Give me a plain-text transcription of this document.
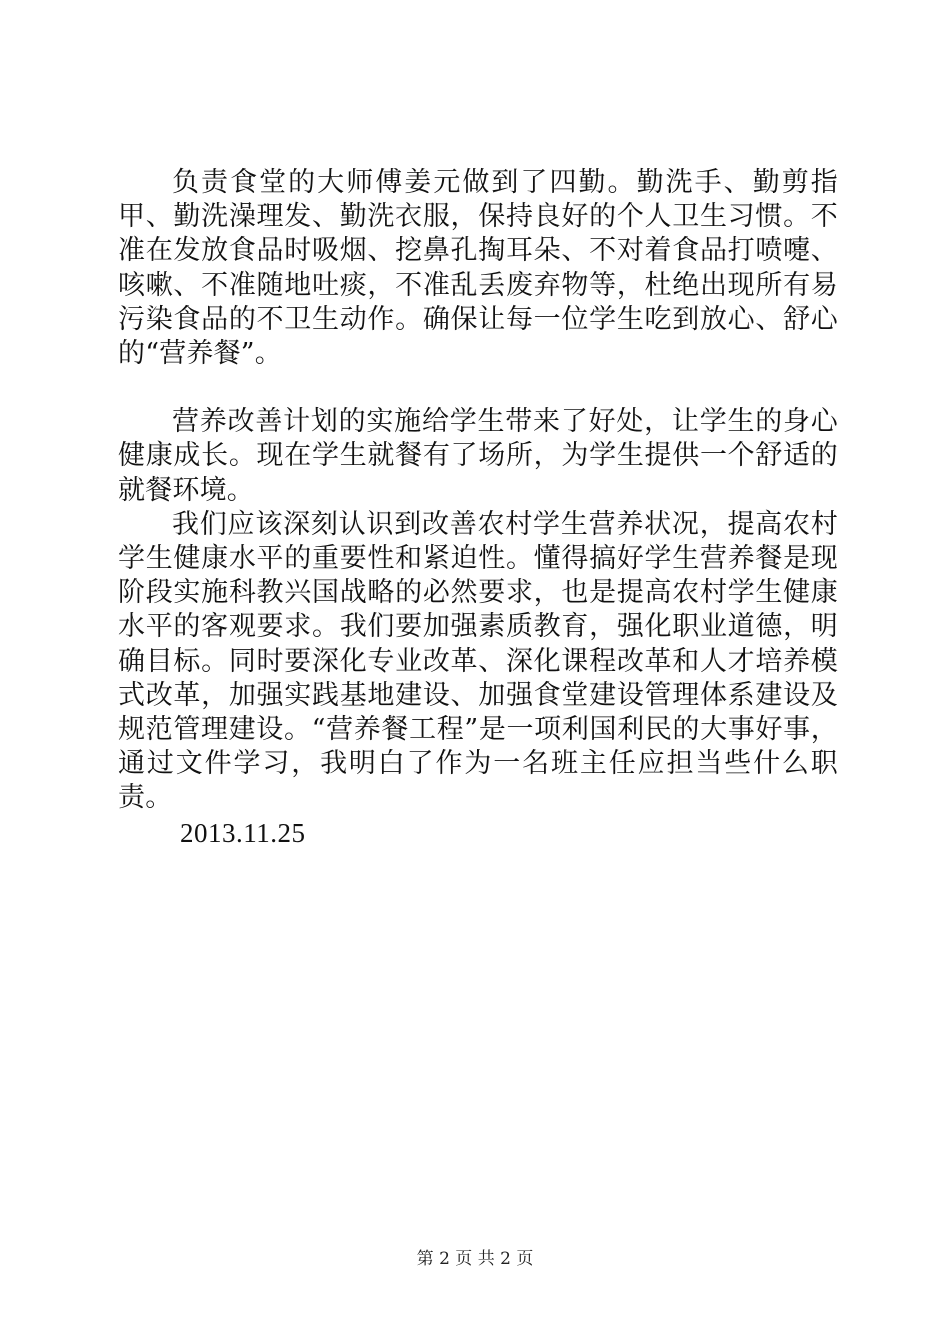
负责食堂的大师傅姜元做到了四勤。勤洗手、勤剪指甲、勤洗澡理发、勤洗衣服，保持良好的个人卫生习惯。不准在发放食品时吸烟、挖鼻孔掏耳朵、不对着食品打喷嚏、咳嗽、不准随地吐痰，不准乱丢废弃物等，杜绝出现所有易污染食品的不卫生动作。确保让每一位学生吃到放心、舒心的“营养餐”。

营养改善计划的实施给学生带来了好处，让学生的身心健康成长。现在学生就餐有了场所，为学生提供一个舒适的就餐环境。

我们应该深刻认识到改善农村学生营养状况，提高农村学生健康水平的重要性和紧迫性。懂得搞好学生营养餐是现阶段实施科教兴国战略的必然要求，也是提高农村学生健康水平的客观要求。我们要加强素质教育，强化职业道德，明确目标。同时要深化专业改革、深化课程改革和人才培养模式改革，加强实践基地建设、加强食堂建设管理体系建设及规范管理建设。“营养餐工程”是一项利国利民的大事好事，通过文件学习，我明白了作为一名班主任应担当些什么职责。

2013.11.25

第 2 页 共 2 页
